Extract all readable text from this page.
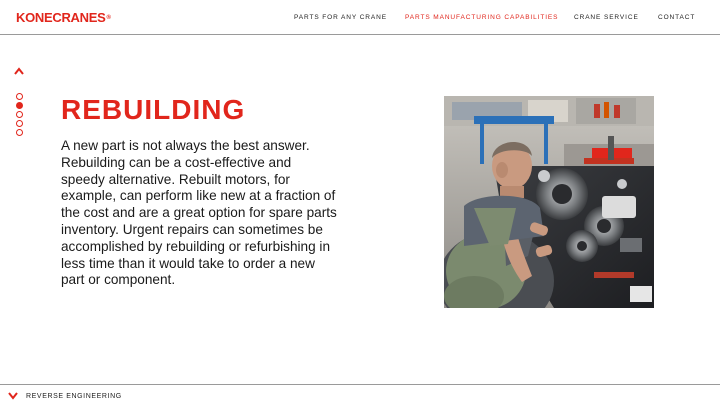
KONECRANES®	PARTS FOR ANY CRANE	PARTS MANUFACTURING CAPABILITIES CRANE SERVICE	CONTACT
REBUILDING

A new part is not always the best answer. Rebuilding can be a cost-effective and speedy alternative. Rebuilt motors, for example, can perform like new at a fraction of the cost and are a great option for spare parts inventory. Urgent repairs can sometimes be accomplished by rebuilding or refurbishing in less time than it would take to order a new part or component.

REVERSE ENGINEERING
